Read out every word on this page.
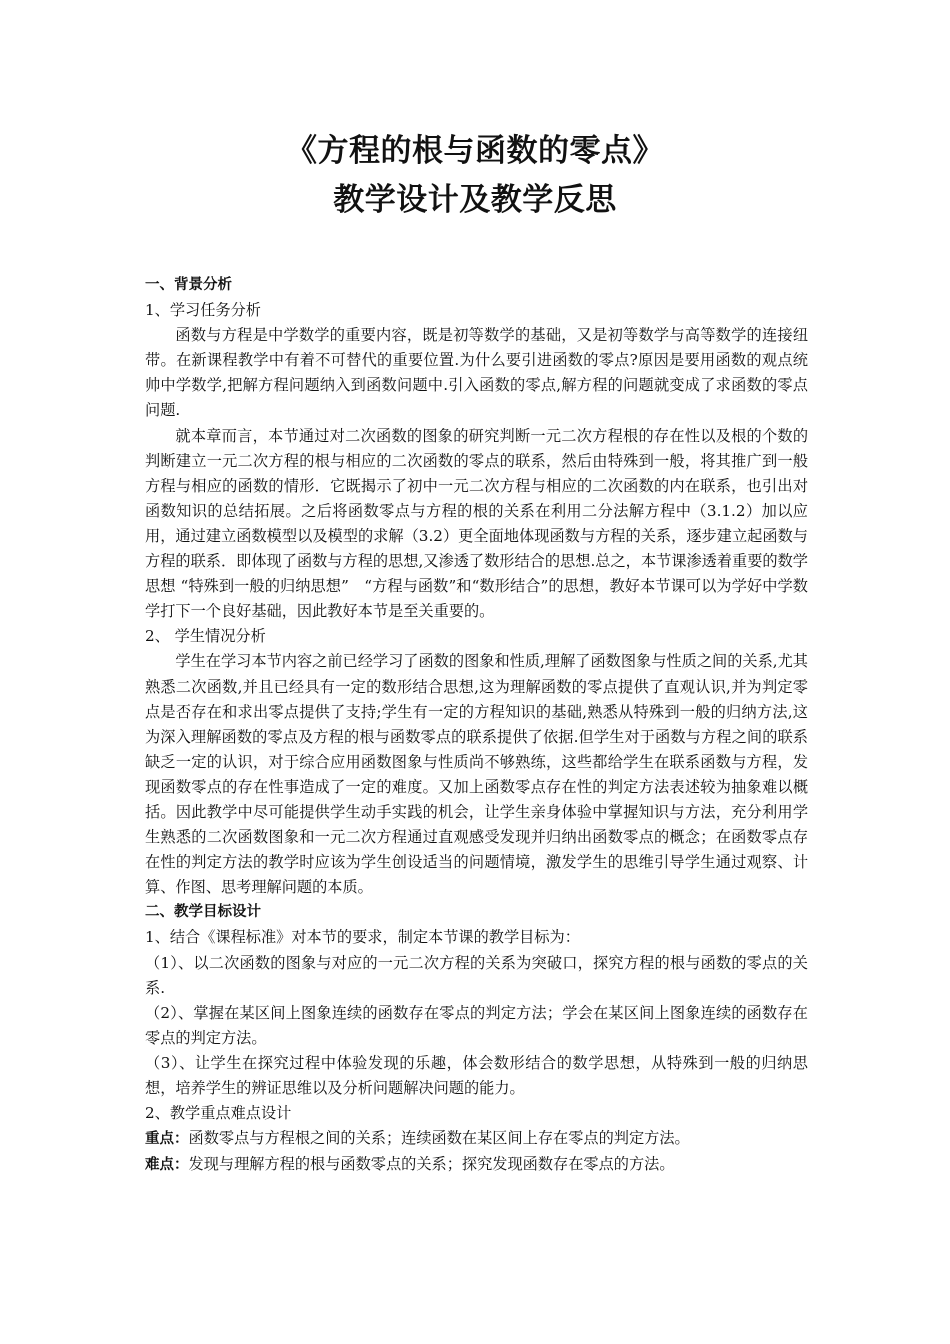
《方程的根与函数的零点》
教学设计及教学反思

一、背景分析

1、学习任务分析

函数与方程是中学数学的重要内容，既是初等数学的基础，又是初等数学与高等数学的连接纽带。在新课程教学中有着不可替代的重要位置.为什么要引进函数的零点?原因是要用函数的观点统帅中学数学,把解方程问题纳入到函数问题中.引入函数的零点,解方程的问题就变成了求函数的零点问题.

就本章而言，本节通过对二次函数的图象的研究判断一元二次方程根的存在性以及根的个数的判断建立一元二次方程的根与相应的二次函数的零点的联系，然后由特殊到一般，将其推广到一般方程与相应的函数的情形．它既揭示了初中一元二次方程与相应的二次函数的内在联系，也引出对函数知识的总结拓展。之后将函数零点与方程的根的关系在利用二分法解方程中（3.1.2）加以应用，通过建立函数模型以及模型的求解（3.2）更全面地体现函数与方程的关系，逐步建立起函数与方程的联系．即体现了函数与方程的思想,又渗透了数形结合的思想.总之，本节课渗透着重要的数学思想 “特殊到一般的归纳思想”　“方程与函数”和“数形结合”的思想，教好本节课可以为学好中学数学打下一个良好基础，因此教好本节是至关重要的。

2、 学生情况分析

学生在学习本节内容之前已经学习了函数的图象和性质,理解了函数图象与性质之间的关系,尤其熟悉二次函数,并且已经具有一定的数形结合思想,这为理解函数的零点提供了直观认识,并为判定零点是否存在和求出零点提供了支持;学生有一定的方程知识的基础,熟悉从特殊到一般的归纳方法,这为深入理解函数的零点及方程的根与函数零点的联系提供了依据.但学生对于函数与方程之间的联系缺乏一定的认识，对于综合应用函数图象与性质尚不够熟练，这些都给学生在联系函数与方程，发现函数零点的存在性事造成了一定的难度。又加上函数零点存在性的判定方法表述较为抽象难以概括。因此教学中尽可能提供学生动手实践的机会，让学生亲身体验中掌握知识与方法，充分利用学生熟悉的二次函数图象和一元二次方程通过直观感受发现并归纳出函数零点的概念；在函数零点存在性的判定方法的教学时应该为学生创设适当的问题情境，激发学生的思维引导学生通过观察、计算、作图、思考理解问题的本质。

二、教学目标设计

1、结合《课程标准》对本节的要求，制定本节课的教学目标为：

（1）、以二次函数的图象与对应的一元二次方程的关系为突破口，探究方程的根与函数的零点的关系.

（2）、掌握在某区间上图象连续的函数存在零点的判定方法；学会在某区间上图象连续的函数存在零点的判定方法。

（3）、让学生在探究过程中体验发现的乐趣，体会数形结合的数学思想，从特殊到一般的归纳思想，培养学生的辨证思维以及分析问题解决问题的能力。

2、教学重点难点设计

重点：函数零点与方程根之间的关系；连续函数在某区间上存在零点的判定方法。

难点：发现与理解方程的根与函数零点的关系；探究发现函数存在零点的方法。
